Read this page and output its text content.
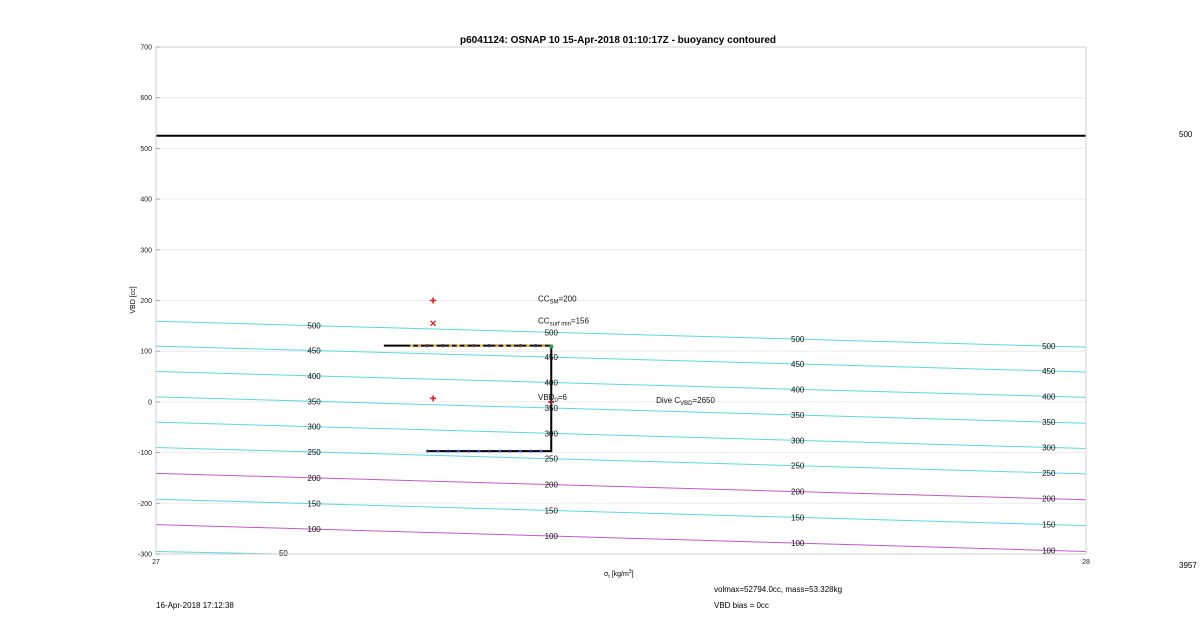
100
100
100
100
150
150
150
150
200
200
200
200
250
250
250
250
300
300
300
300
350
350
350
350
400
400
400
400
450
450
450
450
500
500
500
500
50
700
600
500
400
300
200
100
0
-100
-200
-300
27	28
$CC_{SM}=200$
$CC_{surf min}=156$
$VBD_0=6$	Dive $C_{VBD}=2650$
p6041124: OSNAP 10 15-Apr-2018 01:10:17Z - buoyancy contoured
VBD [cc]
$\sigma_t$ $[kg/m^3]$
500
3957
16-Apr-2018 17:12:38
volmax=52794.0cc, mass=53.328kg
VBD bias = 0cc
